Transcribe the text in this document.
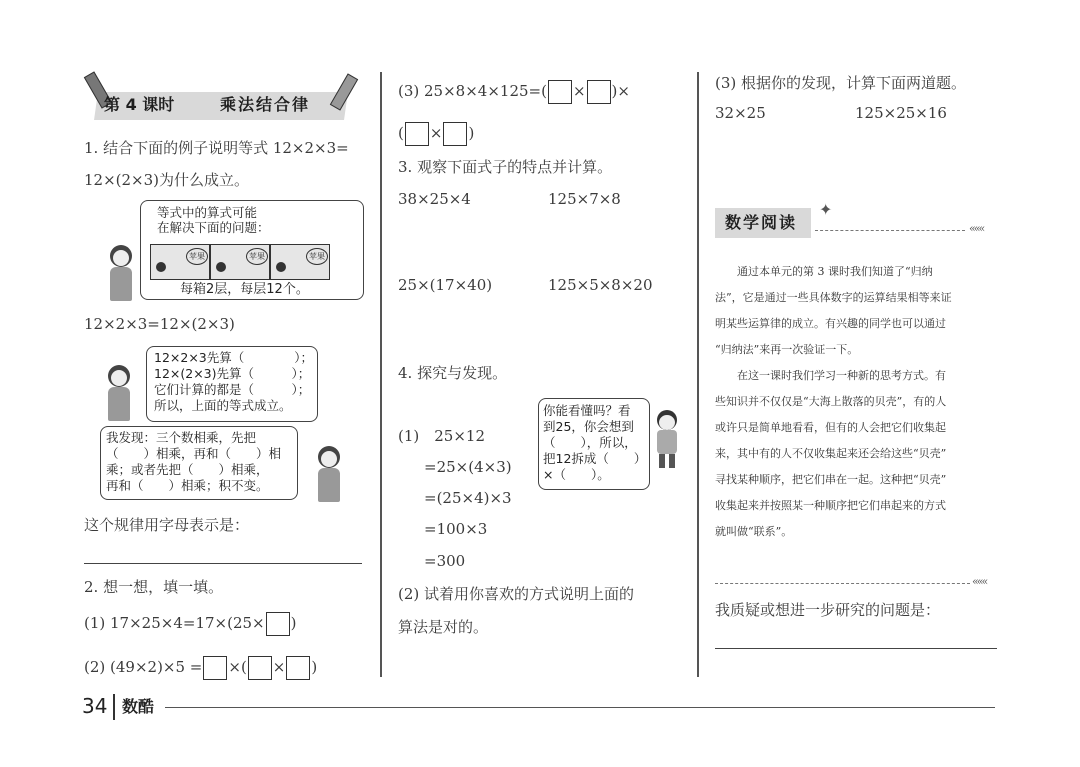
第 4 课时	乘法结合律
1. 结合下面的例子说明等式 12×2×3=
12×(2×3)为什么成立。
等式中的算式可能
在解决下面的问题：
苹果	苹果	苹果
每箱2层，每层12个。
12×2×3=12×(2×3)
12×2×3先算（　　　　）；
12×(2×3)先算（　　　）；
它们计算的都是（　　　）；
所以，上面的等式成立。
我发现：三个数相乘，先把
（　　）相乘，再和（　　）相
乘；或者先把（　　）相乘，
再和（　　）相乘；积不变。
这个规律用字母表示是：
2. 想一想，填一填。
(1) 17×25×4=17×(25× )
(2) (49×2)×5 = ×( × )
(3) 25×8×4×125=( × )×
( × )
3. 观察下面式子的特点并计算。
38×25×4	125×7×8
25×(17×40)	125×5×8×20
4. 探究与发现。
(1)　25×12
=25×(4×3)
=(25×4)×3
=100×3
=300
你能看懂吗？看
到25，你会想到
（　　），所以，
把12拆成（　　）
×（　　）。
(2) 试着用你喜欢的方式说明上面的
算法是对的。
(3) 根据你的发现，计算下面两道题。
32×25	125×25×16
数学阅读
✦
«««
　　通过本单元的第 3 课时我们知道了“归纳
法”，它是通过一些具体数字的运算结果相等来证
明某些运算律的成立。有兴趣的同学也可以通过
“归纳法”来再一次验证一下。
　　在这一课时我们学习一种新的思考方式。有
些知识并不仅仅是“大海上散落的贝壳”，有的人
或许只是简单地看看，但有的人会把它们收集起
来，其中有的人不仅收集起来还会给这些“贝壳”
寻找某种顺序，把它们串在一起。这种把“贝壳”
收集起来并按照某一种顺序把它们串起来的方式
就叫做“联系”。
«««
我质疑或想进一步研究的问题是：
34 数酷
